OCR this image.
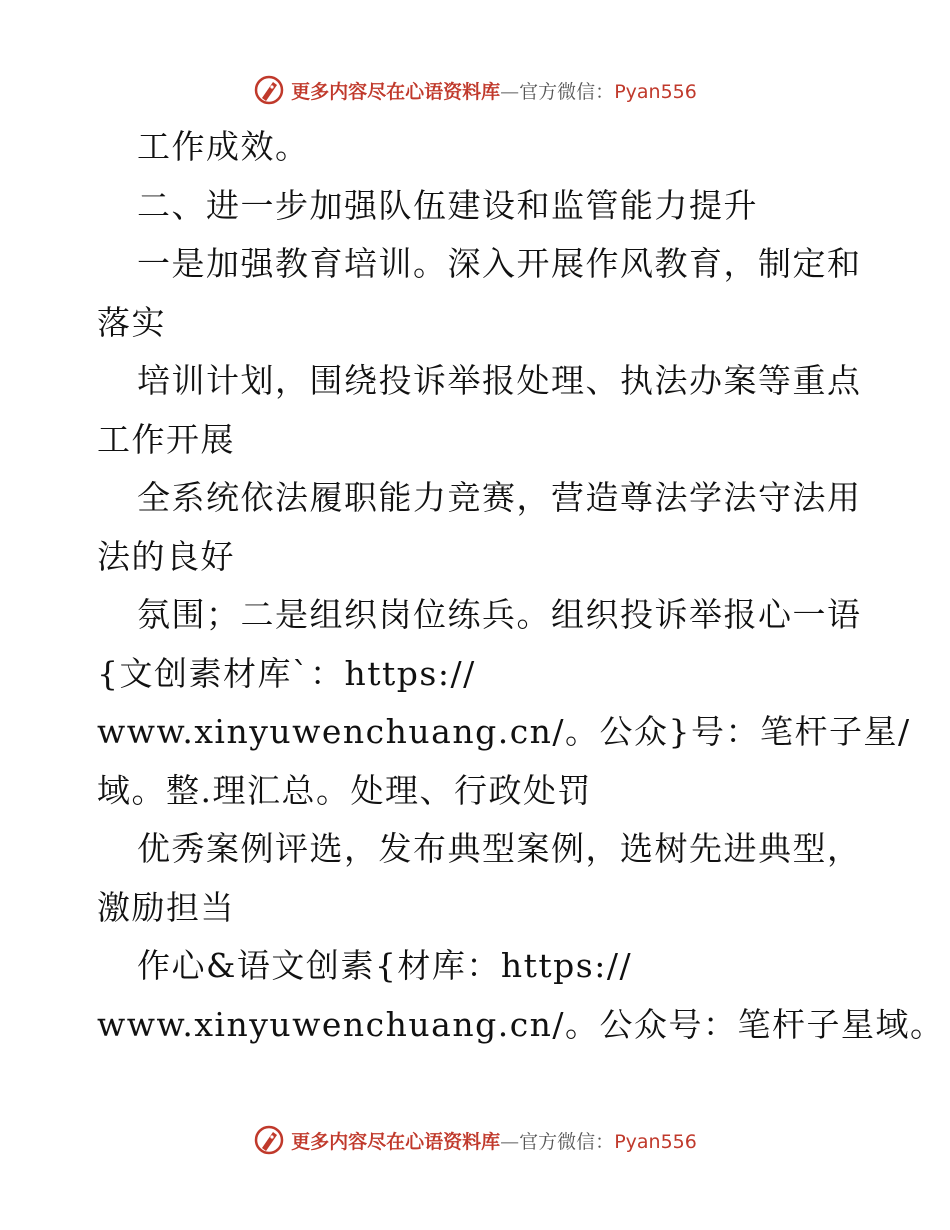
更多内容尽在心语资料库—官方微信：Pyan556
工作成效。
二、进一步加强队伍建设和监管能力提升
一是加强教育培训。深入开展作风教育，制定和
落实
培训计划，围绕投诉举报处理、执法办案等重点
工作开展
全系统依法履职能力竞赛，营造尊法学法守法用
法的良好
氛围；二是组织岗位练兵。组织投诉举报心一语
{文创素材库`：https://
www.xinyuwenchuang.cn/。公众}号：笔杆子星/
域。整.理汇总。处理、行政处罚
优秀案例评选，发布典型案例，选树先进典型，
激励担当
作心&语文创素{材库：https://
www.xinyuwenchuang.cn/。公众号：笔杆子星域。
更多内容尽在心语资料库—官方微信：Pyan556
